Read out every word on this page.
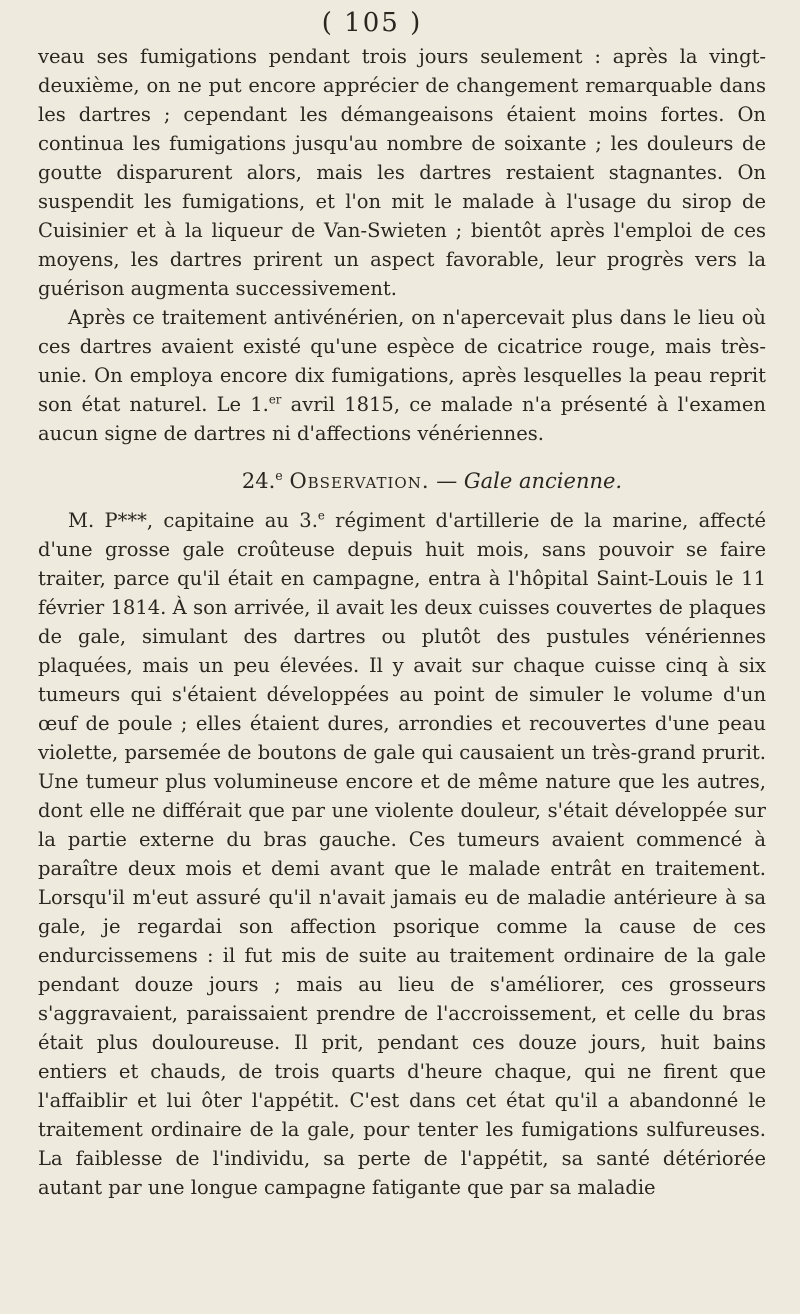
( 105 )

veau ses fumigations pendant trois jours seulement : après la vingt-deuxième, on ne put encore apprécier de changement remarquable dans les dartres ; cependant les démangeaisons étaient moins fortes. On continua les fumigations jusqu'au nombre de soixante ; les douleurs de goutte disparurent alors, mais les dartres restaient stagnantes. On suspendit les fumigations, et l'on mit le malade à l'usage du sirop de Cuisinier et à la liqueur de Van-Swieten ; bientôt après l'emploi de ces moyens, les dartres prirent un aspect favorable, leur progrès vers la guérison augmenta successivement.

Après ce traitement antivénérien, on n'apercevait plus dans le lieu où ces dartres avaient existé qu'une espèce de cicatrice rouge, mais très-unie. On employa encore dix fumigations, après lesquelles la peau reprit son état naturel. Le 1.$^{er}$ avril 1815, ce malade n'a présenté à l'examen aucun signe de dartres ni d'affections vénériennes.

24.$^e$ Observation. — Gale ancienne.

M. P***, capitaine au 3.$^e$ régiment d'artillerie de la marine, affecté d'une grosse gale croûteuse depuis huit mois, sans pouvoir se faire traiter, parce qu'il était en campagne, entra à l'hôpital Saint-Louis le 11 février 1814. À son arrivée, il avait les deux cuisses couvertes de plaques de gale, simulant des dartres ou plutôt des pustules vénériennes plaquées, mais un peu élevées. Il y avait sur chaque cuisse cinq à six tumeurs qui s'étaient développées au point de simuler le volume d'un œuf de poule ; elles étaient dures, arrondies et recouvertes d'une peau violette, parsemée de boutons de gale qui causaient un très-grand prurit. Une tumeur plus volumineuse encore et de même nature que les autres, dont elle ne différait que par une violente douleur, s'était développée sur la partie externe du bras gauche. Ces tumeurs avaient commencé à paraître deux mois et demi avant que le malade entrât en traitement. Lorsqu'il m'eut assuré qu'il n'avait jamais eu de maladie antérieure à sa gale, je regardai son affection psorique comme la cause de ces endurcissemens : il fut mis de suite au traitement ordinaire de la gale pendant douze jours ; mais au lieu de s'améliorer, ces grosseurs s'aggravaient, paraissaient prendre de l'accroissement, et celle du bras était plus douloureuse. Il prit, pendant ces douze jours, huit bains entiers et chauds, de trois quarts d'heure chaque, qui ne firent que l'affaiblir et lui ôter l'appétit. C'est dans cet état qu'il a abandonné le traitement ordinaire de la gale, pour tenter les fumigations sulfureuses. La faiblesse de l'individu, sa perte de l'appétit, sa santé détériorée autant par une longue campagne fatigante que par sa maladie
